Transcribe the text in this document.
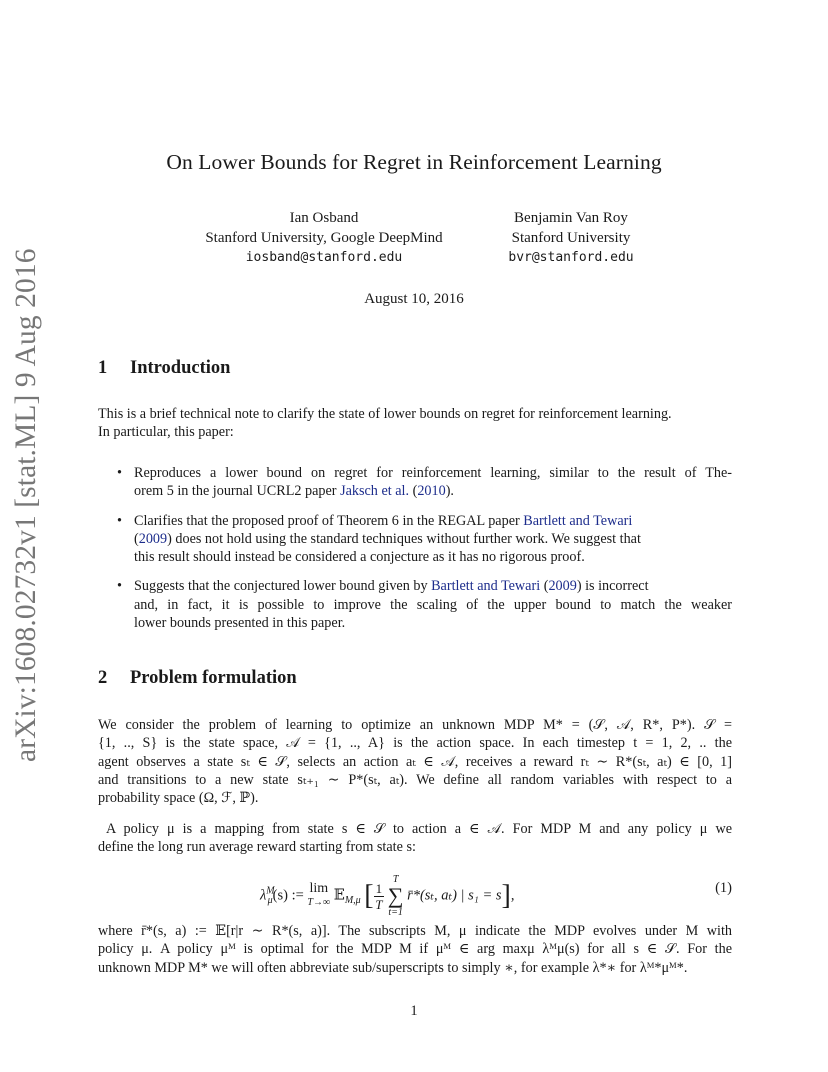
arXiv:1608.02732v1 [stat.ML] 9 Aug 2016
On Lower Bounds for Regret in Reinforcement Learning
Ian Osband
Stanford University, Google DeepMind
iosband@stanford.edu
Benjamin Van Roy
Stanford University
bvr@stanford.edu
August 10, 2016
1 Introduction
This is a brief technical note to clarify the state of lower bounds on regret for reinforcement learning.
In particular, this paper:
• Reproduces a lower bound on regret for reinforcement learning, similar to the result of The-
orem 5 in the journal UCRL2 paper Jaksch et al. (2010).
• Clarifies that the proposed proof of Theorem 6 in the REGAL paper Bartlett and Tewari
(2009) does not hold using the standard techniques without further work. We suggest that
this result should instead be considered a conjecture as it has no rigorous proof.
• Suggests that the conjectured lower bound given by Bartlett and Tewari (2009) is incorrect
and, in fact, it is possible to improve the scaling of the upper bound to match the weaker
lower bounds presented in this paper.
2 Problem formulation
We consider the problem of learning to optimize an unknown MDP M* = (𝒮, 𝒜, R*, P*). 𝒮 =
{1, .., S} is the state space, 𝒜 = {1, .., A} is the action space. In each timestep t = 1, 2, .. the
agent observes a state sₜ ∈ 𝒮, selects an action aₜ ∈ 𝒜, receives a reward rₜ ∼ R*(sₜ, aₜ) ∈ [0, 1]
and transitions to a new state sₜ₊₁ ∼ P*(sₜ, aₜ). We define all random variables with respect to a
probability space (Ω, ℱ, ℙ).
A policy μ is a mapping from state s ∈ 𝒮 to action a ∈ 𝒜. For MDP M and any policy μ we
define the long run average reward starting from state s:
$\lambda^M_\mu(s)$ := lim
T→∞ 𝔼$_{M,\mu}$ [ $\frac{1}{T}$ T
∑
t=1 r̄*(sₜ, aₜ) | s₁ = s],	(1)
where r̄*(s, a) := 𝔼[r|r ∼ R*(s, a)]. The subscripts M, μ indicate the MDP evolves under M with
policy μ. A policy μᴹ is optimal for the MDP M if μᴹ ∈ arg maxμ λᴹμ(s) for all s ∈ 𝒮. For the
unknown MDP M* we will often abbreviate sub/superscripts to simply ∗, for example λ*∗ for λᴹ*μᴹ*.
1
